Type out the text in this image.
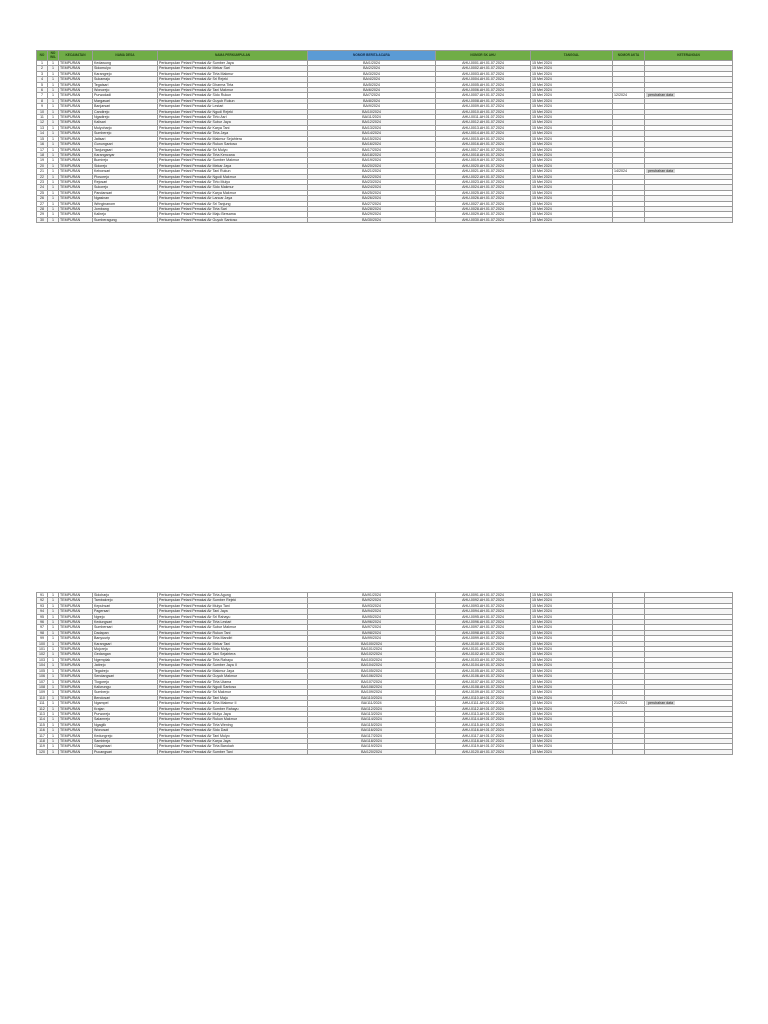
NO	NO WIL	KECAMATAN	NAMA DESA	NAMA PERKUMPULAN	NOMOR BERITA ACARA	NOMOR SK AHU	TANGGAL	NOMOR AKTA	KETERANGAN
1	1	TEMPURAN	Kedawung	Perkumpulan Petani Pemakai Air Sumber Jaya	BA/1/2024	AHU-0001.AH.01.07.2024	15 Mei 2024		
2	1	TEMPURAN	Sidomulyo	Perkumpulan Petani Pemakai Air Mekar Sari	BA/2/2024	AHU-0002.AH.01.07.2024	15 Mei 2024		
3	1	TEMPURAN	Karangrejo	Perkumpulan Petani Pemakai Air Tirta Makmur	BA/3/2024	AHU-0003.AH.01.07.2024	15 Mei 2024		
4	1	TEMPURAN	Sukamaju	Perkumpulan Petani Pemakai Air Sri Rejeki	BA/4/2024	AHU-0004.AH.01.07.2024	15 Mei 2024		
5	1	TEMPURAN	Tegalsari	Perkumpulan Petani Pemakai Air Dharma Tirta	BA/5/2024	AHU-0005.AH.01.07.2024	15 Mei 2024		
6	1	TEMPURAN	Wonorejo	Perkumpulan Petani Pemakai Air Tani Makmur	BA/6/2024	AHU-0006.AH.01.07.2024	15 Mei 2024		
7	1	TEMPURAN	Purwodadi	Perkumpulan Petani Pemakai Air Sido Rukun	BA/7/2024	AHU-0007.AH.01.07.2024	15 Mei 2024	12/2024	perubahan data
8	1	TEMPURAN	Margasari	Perkumpulan Petani Pemakai Air Guyub Rukun	BA/8/2024	AHU-0008.AH.01.07.2024	15 Mei 2024		
9	1	TEMPURAN	Banjarsari	Perkumpulan Petani Pemakai Air Lestari	BA/9/2024	AHU-0009.AH.01.07.2024	15 Mei 2024		
10	1	TEMPURAN	Candirejo	Perkumpulan Petani Pemakai Air Ngudi Rejeki	BA/10/2024	AHU-0010.AH.01.07.2024	15 Mei 2024		
11	1	TEMPURAN	Ngadirejo	Perkumpulan Petani Pemakai Air Tirto Asri	BA/11/2024	AHU-0011.AH.01.07.2024	15 Mei 2024		
12	1	TEMPURAN	Kalisari	Perkumpulan Petani Pemakai Air Subur Jaya	BA/12/2024	AHU-0012.AH.01.07.2024	15 Mei 2024		
13	1	TEMPURAN	Mulyoharjo	Perkumpulan Petani Pemakai Air Karya Tani	BA/13/2024	AHU-0013.AH.01.07.2024	15 Mei 2024		
14	1	TEMPURAN	Sumberejo	Perkumpulan Petani Pemakai Air Tirta Jaya	BA/14/2024	AHU-0014.AH.01.07.2024	15 Mei 2024		
15	1	TEMPURAN	Jatisari	Perkumpulan Petani Pemakai Air Makmur Sejahtera	BA/15/2024	AHU-0015.AH.01.07.2024	15 Mei 2024		
16	1	TEMPURAN	Gunungsari	Perkumpulan Petani Pemakai Air Rukun Santoso	BA/16/2024	AHU-0016.AH.01.07.2024	15 Mei 2024		
17	1	TEMPURAN	Tanjungsari	Perkumpulan Petani Pemakai Air Sri Mulyo	BA/17/2024	AHU-0017.AH.01.07.2024	15 Mei 2024		
18	1	TEMPURAN	Karanganyar	Perkumpulan Petani Pemakai Air Tirta Kencana	BA/18/2024	AHU-0018.AH.01.07.2024	15 Mei 2024		
19	1	TEMPURAN	Bumirejo	Perkumpulan Petani Pemakai Air Sumber Makmur	BA/19/2024	AHU-0019.AH.01.07.2024	15 Mei 2024		
20	1	TEMPURAN	Sidorejo	Perkumpulan Petani Pemakai Air Mekar Jaya	BA/20/2024	AHU-0020.AH.01.07.2024	15 Mei 2024		
21	1	TEMPURAN	Kebonsari	Perkumpulan Petani Pemakai Air Tani Rukun	BA/21/2024	AHU-0021.AH.01.07.2024	15 Mei 2024	14/2024	perubahan data
22	1	TEMPURAN	Plosorejo	Perkumpulan Petani Pemakai Air Ngudi Makmur	BA/22/2024	AHU-0022.AH.01.07.2024	15 Mei 2024		
23	1	TEMPURAN	Rejosari	Perkumpulan Petani Pemakai Air Tirto Mulyo	BA/23/2024	AHU-0023.AH.01.07.2024	15 Mei 2024		
24	1	TEMPURAN	Sukorejo	Perkumpulan Petani Pemakai Air Sido Makmur	BA/24/2024	AHU-0024.AH.01.07.2024	15 Mei 2024		
25	1	TEMPURAN	Pandansari	Perkumpulan Petani Pemakai Air Karya Makmur	BA/25/2024	AHU-0025.AH.01.07.2024	15 Mei 2024		
26	1	TEMPURAN	Ngasinan	Perkumpulan Petani Pemakai Air Lancar Jaya	BA/26/2024	AHU-0026.AH.01.07.2024	15 Mei 2024		
27	1	TEMPURAN	Wringinanom	Perkumpulan Petani Pemakai Air Sri Tanjung	BA/27/2024	AHU-0027.AH.01.07.2024	15 Mei 2024		
28	1	TEMPURAN	Jombang	Perkumpulan Petani Pemakai Air Tirta Sari	BA/28/2024	AHU-0028.AH.01.07.2024	15 Mei 2024		
29	1	TEMPURAN	Kalirejo	Perkumpulan Petani Pemakai Air Maju Bersama	BA/29/2024	AHU-0029.AH.01.07.2024	15 Mei 2024		
30	1	TEMPURAN	Sumberagung	Perkumpulan Petani Pemakai Air Guyub Santoso	BA/30/2024	AHU-0030.AH.01.07.2024	15 Mei 2024		
91	1	TEMPURAN	Sidoharjo	Perkumpulan Petani Pemakai Air Tirta Agung	BA/91/2024	AHU-0091.AH.01.07.2024	15 Mei 2024		
92	1	TEMPURAN	Tambakrejo	Perkumpulan Petani Pemakai Air Sumber Rejeki	BA/92/2024	AHU-0092.AH.01.07.2024	15 Mei 2024		
93	1	TEMPURAN	Kepuhsari	Perkumpulan Petani Pemakai Air Mulyo Tani	BA/93/2024	AHU-0093.AH.01.07.2024	15 Mei 2024		
94	1	TEMPURAN	Pagersari	Perkumpulan Petani Pemakai Air Tani Jaya	BA/94/2024	AHU-0094.AH.01.07.2024	15 Mei 2024		
95	1	TEMPURAN	Ngrejo	Perkumpulan Petani Pemakai Air Sri Rahayu	BA/95/2024	AHU-0095.AH.01.07.2024	15 Mei 2024		
96	1	TEMPURAN	Kedungsari	Perkumpulan Petani Pemakai Air Tirta Lestari	BA/96/2024	AHU-0096.AH.01.07.2024	15 Mei 2024		
97	1	TEMPURAN	Sumbersari	Perkumpulan Petani Pemakai Air Subur Makmur	BA/97/2024	AHU-0097.AH.01.07.2024	15 Mei 2024		
98	1	TEMPURAN	Dadapan	Perkumpulan Petani Pemakai Air Rukun Tani	BA/98/2024	AHU-0098.AH.01.07.2024	15 Mei 2024		
99	1	TEMPURAN	Banyuurip	Perkumpulan Petani Pemakai Air Tirta Mandiri	BA/99/2024	AHU-0099.AH.01.07.2024	15 Mei 2024		
100	1	TEMPURAN	Karangsari	Perkumpulan Petani Pemakai Air Mekar Tani	BA/100/2024	AHU-0100.AH.01.07.2024	15 Mei 2024		
101	1	TEMPURAN	Mojorejo	Perkumpulan Petani Pemakai Air Sido Mulyo	BA/101/2024	AHU-0101.AH.01.07.2024	15 Mei 2024		
102	1	TEMPURAN	Gedangan	Perkumpulan Petani Pemakai Air Tani Sejahtera	BA/102/2024	AHU-0102.AH.01.07.2024	15 Mei 2024		
103	1	TEMPURAN	Ngemplak	Perkumpulan Petani Pemakai Air Tirta Rahayu	BA/103/2024	AHU-0103.AH.01.07.2024	15 Mei 2024		
104	1	TEMPURAN	Jatirejo	Perkumpulan Petani Pemakai Air Sumber Jaya II	BA/104/2024	AHU-0104.AH.01.07.2024	15 Mei 2024		
105	1	TEMPURAN	Tegalrejo	Perkumpulan Petani Pemakai Air Makmur Jaya	BA/105/2024	AHU-0105.AH.01.07.2024	15 Mei 2024		
106	1	TEMPURAN	Sendangsari	Perkumpulan Petani Pemakai Air Guyub Makmur	BA/106/2024	AHU-0106.AH.01.07.2024	15 Mei 2024		
107	1	TEMPURAN	Tlogorejo	Perkumpulan Petani Pemakai Air Tirta Utama	BA/107/2024	AHU-0107.AH.01.07.2024	15 Mei 2024		
108	1	TEMPURAN	Kaliwungu	Perkumpulan Petani Pemakai Air Ngudi Santoso	BA/108/2024	AHU-0108.AH.01.07.2024	15 Mei 2024		
109	1	TEMPURAN	Sumberjo	Perkumpulan Petani Pemakai Air Sri Makmur	BA/109/2024	AHU-0109.AH.01.07.2024	15 Mei 2024		
110	1	TEMPURAN	Bendosari	Perkumpulan Petani Pemakai Air Tani Maju	BA/110/2024	AHU-0110.AH.01.07.2024	15 Mei 2024		
111	1	TEMPURAN	Ngampel	Perkumpulan Petani Pemakai Air Tirta Makmur II	BA/111/2024	AHU-0111.AH.01.07.2024	15 Mei 2024	21/2024	perubahan data
112	1	TEMPURAN	Krajan	Perkumpulan Petani Pemakai Air Sumber Rahayu	BA/112/2024	AHU-0112.AH.01.07.2024	15 Mei 2024		
113	1	TEMPURAN	Purworejo	Perkumpulan Petani Pemakai Air Mulyo Jaya	BA/113/2024	AHU-0113.AH.01.07.2024	15 Mei 2024		
114	1	TEMPURAN	Salamrejo	Perkumpulan Petani Pemakai Air Rukun Makmur	BA/114/2024	AHU-0114.AH.01.07.2024	15 Mei 2024		
115	1	TEMPURAN	Ngaglik	Perkumpulan Petani Pemakai Air Tirta Wening	BA/115/2024	AHU-0115.AH.01.07.2024	15 Mei 2024		
116	1	TEMPURAN	Wonosari	Perkumpulan Petani Pemakai Air Sido Dadi	BA/116/2024	AHU-0116.AH.01.07.2024	15 Mei 2024		
117	1	TEMPURAN	Kedungrejo	Perkumpulan Petani Pemakai Air Tani Mulyo	BA/117/2024	AHU-0117.AH.01.07.2024	15 Mei 2024		
118	1	TEMPURAN	Sambirejo	Perkumpulan Petani Pemakai Air Karya Jaya	BA/118/2024	AHU-0118.AH.01.07.2024	15 Mei 2024		
119	1	TEMPURAN	Glagahsari	Perkumpulan Petani Pemakai Air Tirta Barokah	BA/119/2024	AHU-0119.AH.01.07.2024	15 Mei 2024		
120	1	TEMPURAN	Pucangsari	Perkumpulan Petani Pemakai Air Sumber Tani	BA/120/2024	AHU-0120.AH.01.07.2024	15 Mei 2024		
